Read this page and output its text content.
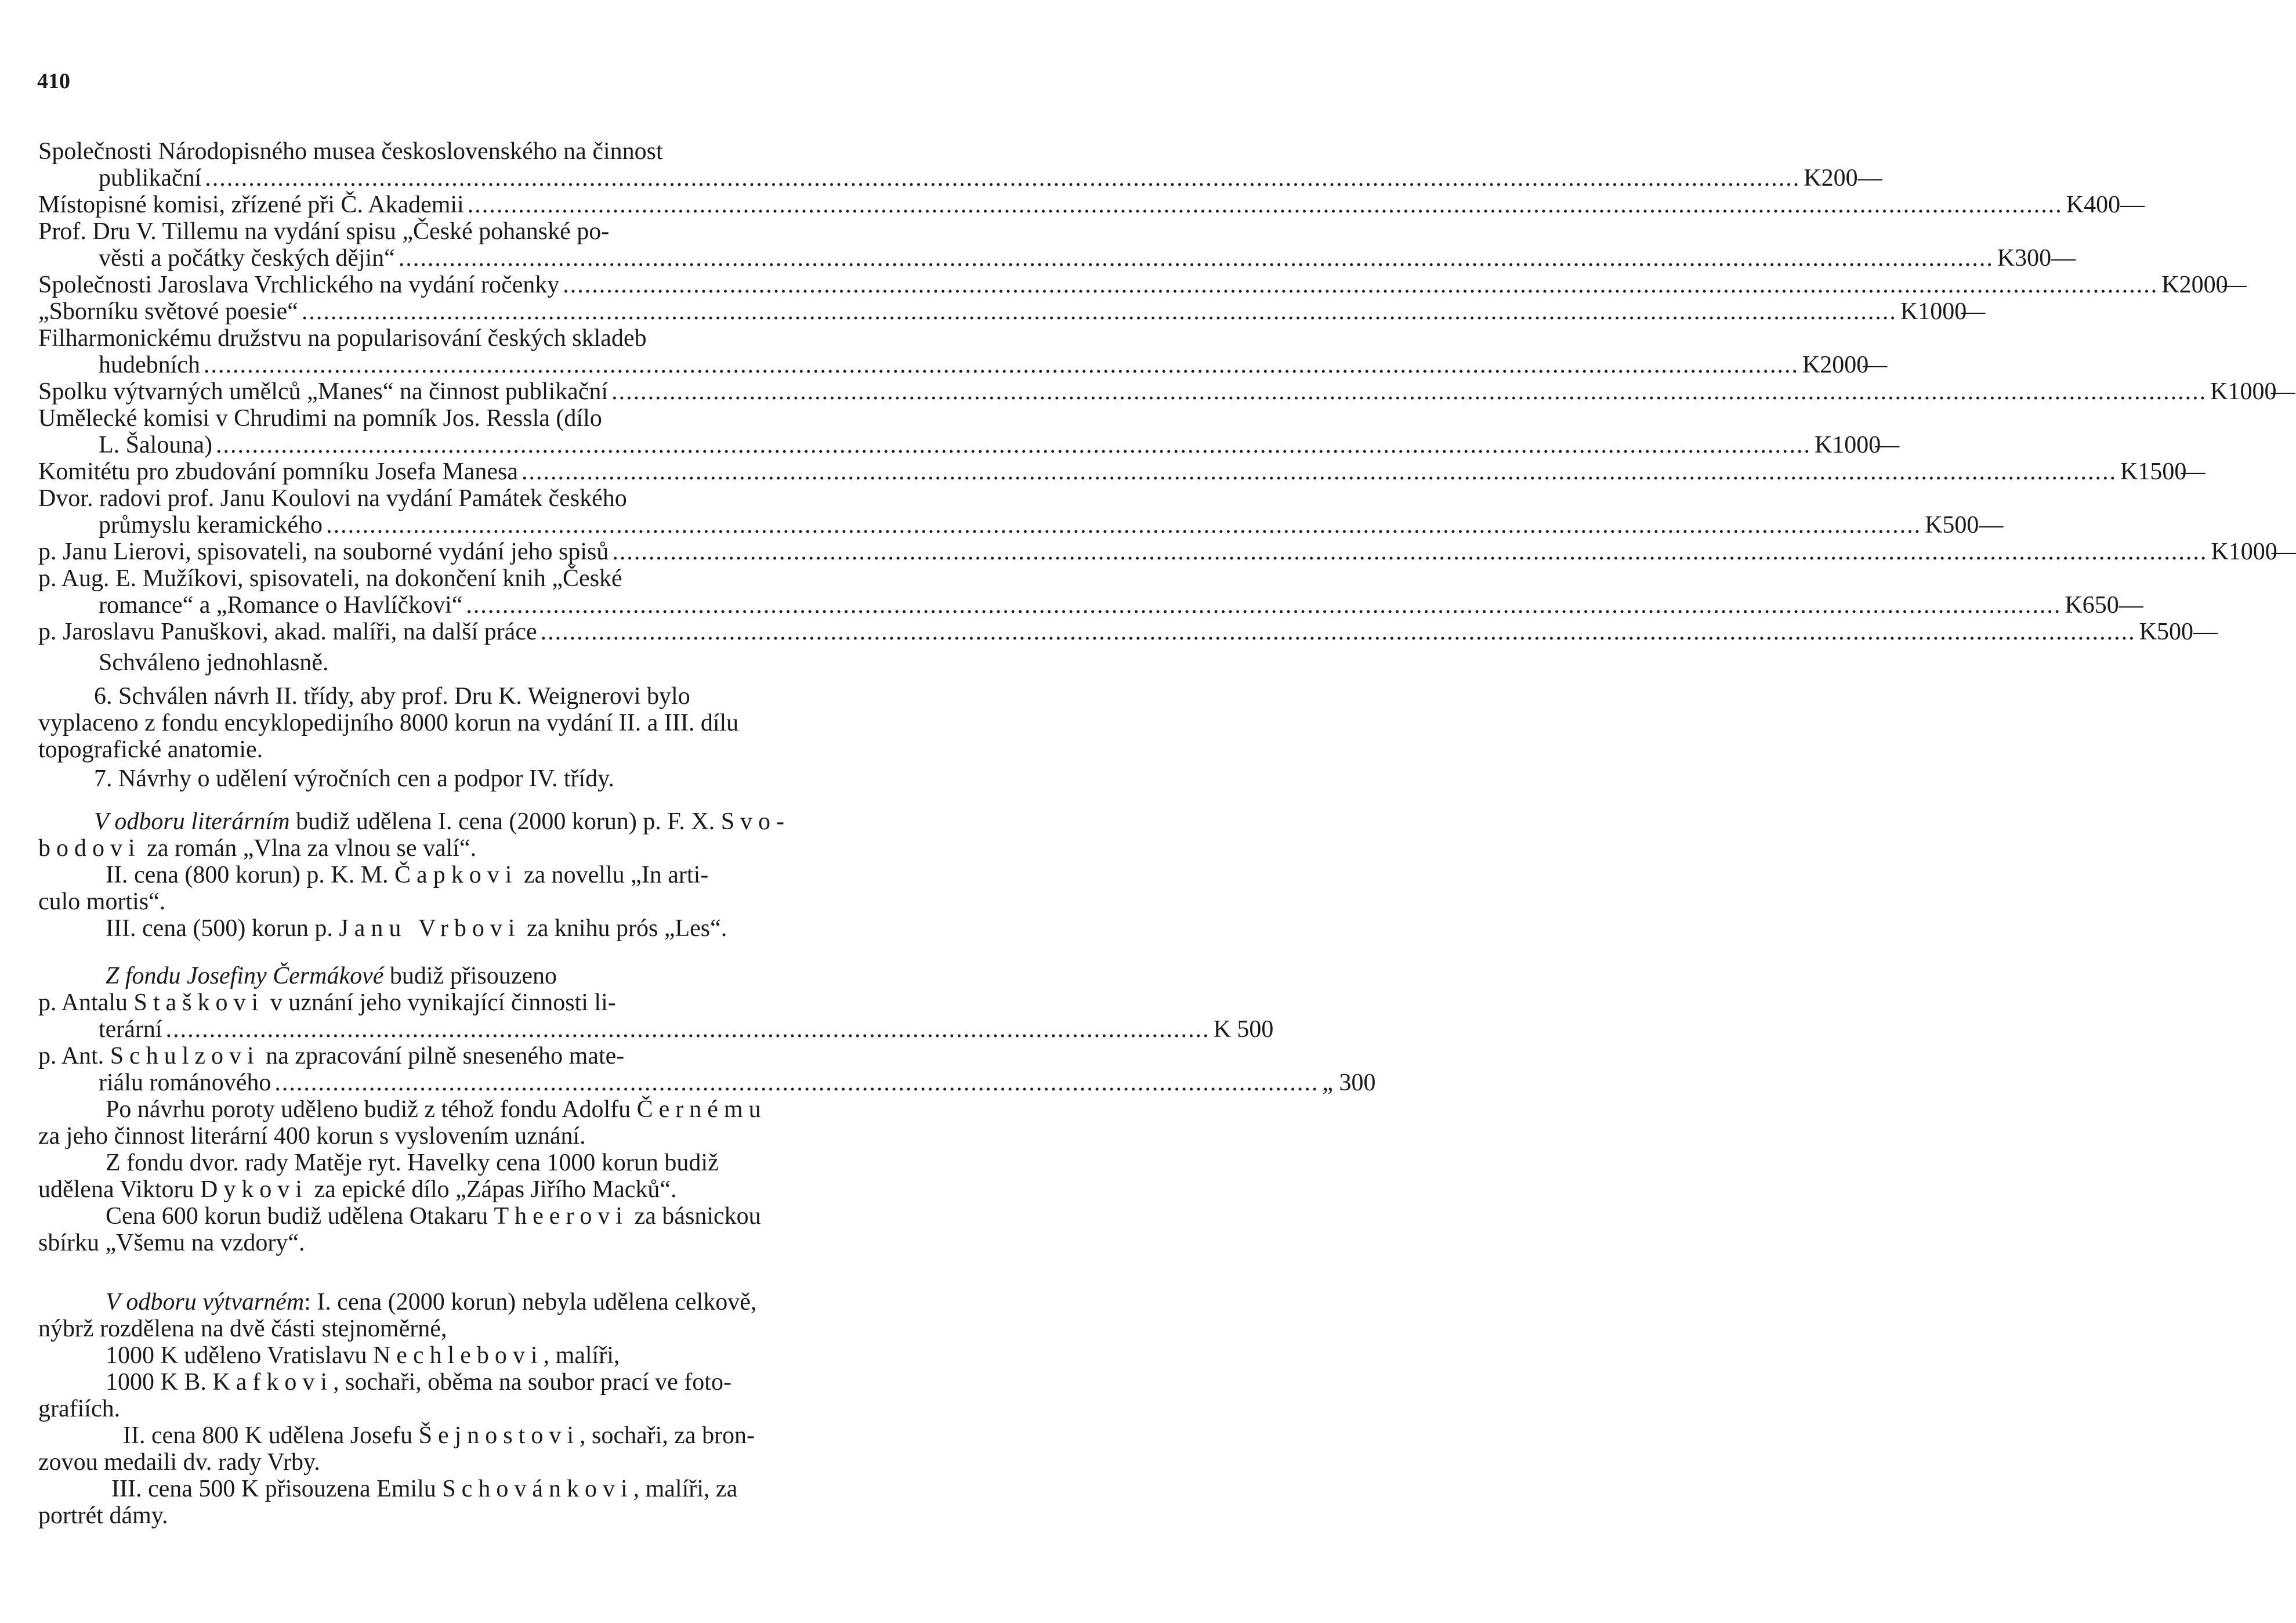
410
Společnosti Národopisného musea československého na činnost
publikační ............................................................................................................................................................................................................................ K 200 —
Místopisné komisi, zřízené při Č. Akademii ............................................................................................................................................................................................................................ K 400 —
Prof. Dru V. Tillemu na vydání spisu „České pohanské po-
věsti a počátky českých dějin“ ............................................................................................................................................................................................................................ K 300 —
Společnosti Jaroslava Vrchlického na vydání ročenky ............................................................................................................................................................................................................................ K 2000
—
„Sborníku světové poesie“ ............................................................................................................................................................................................................................ K 1000
—
Filharmonickému družstvu na popularisování českých skladeb
hudebních ............................................................................................................................................................................................................................ K 2000
—
Spolku výtvarných umělců „Manes“ na činnost publikační ............................................................................................................................................................................................................................ K 1000
—
Umělecké komisi v Chrudimi na pomník Jos. Ressla (dílo
L. Šalouna) ............................................................................................................................................................................................................................ K 1000
—
Komitétu pro zbudování pomníku Josefa Manesa ............................................................................................................................................................................................................................ K 1500
—
Dvor. radovi prof. Janu Koulovi na vydání Památek českého
průmyslu keramického ............................................................................................................................................................................................................................ K 500 —
p. Janu Lierovi, spisovateli, na souborné vydání jeho spisů ............................................................................................................................................................................................................................ K 1000
—
p. Aug. E. Mužíkovi, spisovateli, na dokončení knih „České
romance“ a „Romance o Havlíčkovi“ ............................................................................................................................................................................................................................ K 650 —
p. Jaroslavu Panuškovi, akad. malíři, na další práce ............................................................................................................................................................................................................................ K 500 —
Schváleno jednohlasně.
6. Schválen návrh II. třídy, aby prof. Dru K. Weignerovi bylo
vyplaceno z fondu encyklopedijního 8000 korun na vydání II. a III. dílu
topografické anatomie.
7. Návrhy o udělení výročních cen a podpor IV. třídy.
V odboru literárním budiž udělena I. cena (2000 korun) p. F. X. Svo-
bodovi za román „Vlna za vlnou se valí“.
II. cena (800 korun) p. K. M. Čapkovi za novellu „In arti-
culo mortis“.
III. cena (500) korun p. Janu Vrbovi za knihu prós „Les“.
Z fondu Josefiny Čermákové budiž přisouzeno
p. Antalu Staškovi v uznání jeho vynikající činnosti li-
terární ................................................................................................................................................ K 500
p. Ant. Schulzovi na zpracování pilně sneseného mate-
riálu románového ................................................................................................................................................ „ 300
Po návrhu poroty uděleno budiž z téhož fondu Adolfu Černému
za jeho činnost literární 400 korun s vyslovením uznání.
Z fondu dvor. rady Matěje ryt. Havelky cena 1000 korun budiž
udělena Viktoru Dykovi za epické dílo „Zápas Jiřího Macků“.
Cena 600 korun budiž udělena Otakaru Theerovi za básnickou
sbírku „Všemu na vzdory“.
V odboru výtvarném: I. cena (2000 korun) nebyla udělena celkově,
nýbrž rozdělena na dvě části stejnoměrné,
1000 K uděleno Vratislavu Nechlebovi, malíři,
1000 K B. Kafkovi, sochaři, oběma na soubor prací ve foto-
grafiích.
II. cena 800 K udělena Josefu Šejnostovi, sochaři, za bron-
zovou medaili dv. rady Vrby.
III. cena 500 K přisouzena Emilu Schovánkovi, malíři, za
portrét dámy.
